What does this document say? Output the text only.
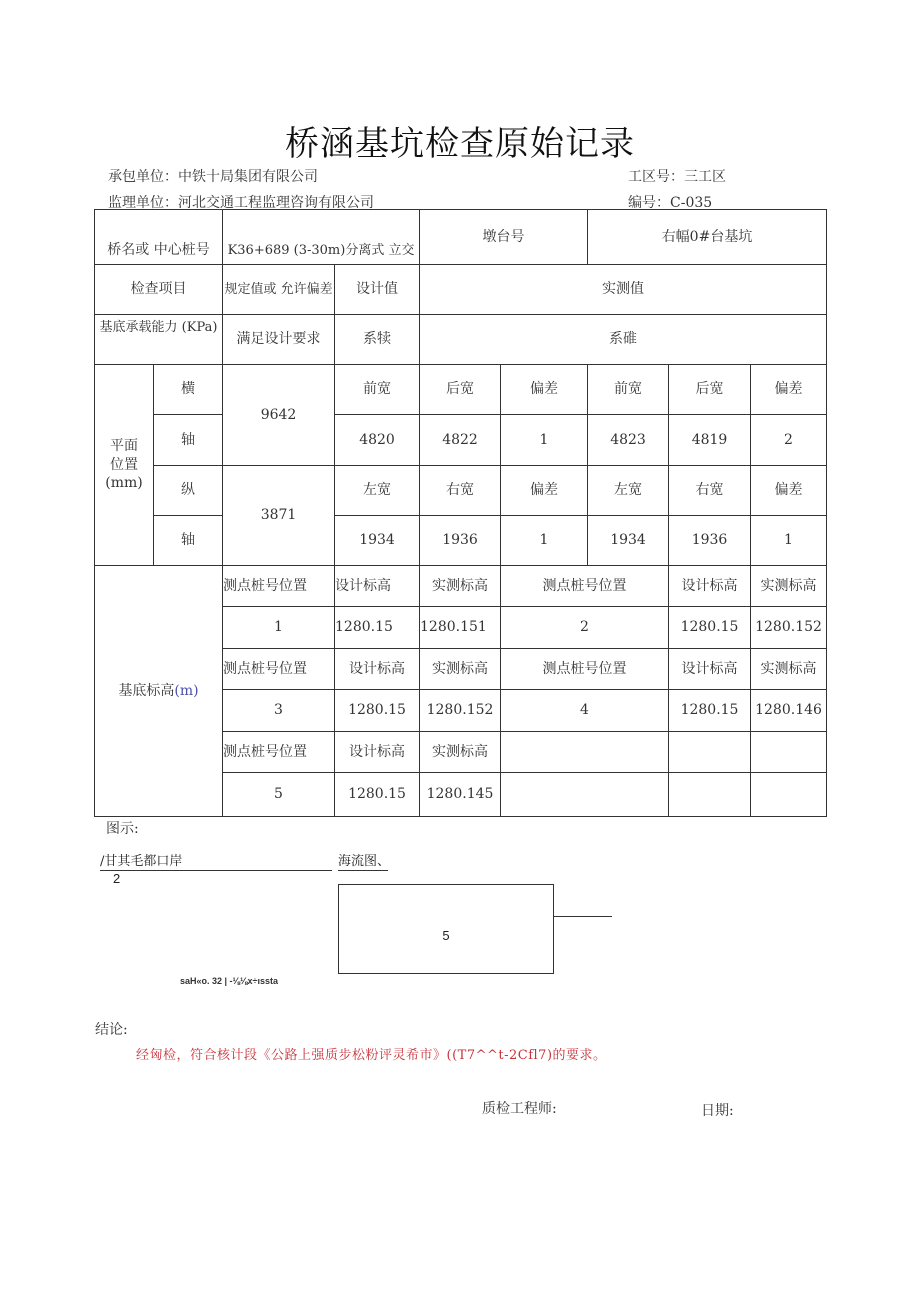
桥涵基坑检查原始记录
承包单位：中铁十局集团有限公司	工区号：三工区
监理单位：河北交通工程监理咨询有限公司	编号：C-035
桥名或 中心桩号		K36+689 (3-30m)分离式 立交		墩台号		右幅0#台基坑		
检查项目		规定值或 允许偏差	设计值	实测值				
基底承载能力 (KPa)		满足设计要求	系犊	系碓				

平面
位置
(mm)	横	9642	前宽	后宽	偏差	前宽	后宽	偏差
	轴		4820	4822	1	4823	4819	2
	纵	3871	左宽	右宽	偏差	左宽	右宽	偏差
	轴		1934	1936	1	1934	1936	1
基底标高(m)		测点桩号位置	设计标高	实测标高	测点桩号位置		设计标高	实测标高
		1	1280.15	1280.151	2		1280.15	1280.152
		测点桩号位置	设计标高	实测标高	测点桩号位置		设计标高	实测标高
		3	1280.15	1280.152	4		1280.15	1280.146
		测点桩号位置	设计标高	实测标高				
		5	1280.15	1280.145				
图示:
/甘其毛都口岸	海流图、
2
5
saH«o. 32 | -⅛⅛x÷ıssta
结论:
经匈检，符合核计段《公路上强质步松粉评灵希市》((T7^^t-2Cfl7)的要求。
质检工程师:	日期:
